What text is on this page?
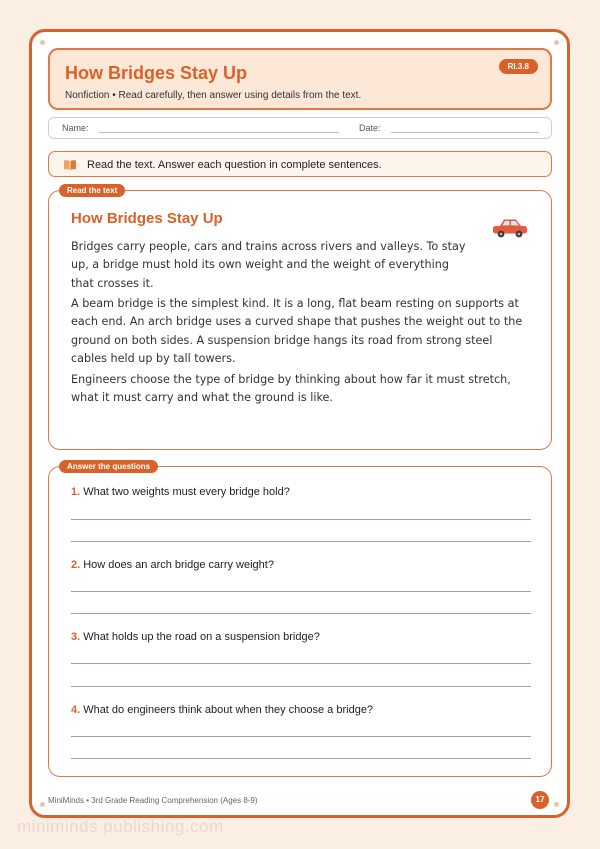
How Bridges Stay Up
Nonfiction • Read carefully, then answer using details from the text.
RI.3.8
Name:	Date:
Read the text. Answer each question in complete sentences.
Read the text
How Bridges Stay Up

Bridges carry people, cars and trains across rivers and valleys. To stay up, a bridge must hold its own weight and the weight of everything that crosses it.

A beam bridge is the simplest kind. It is a long, flat beam resting on supports at each end. An arch bridge uses a curved shape that pushes the weight out to the ground on both sides. A suspension bridge hangs its road from strong steel cables held up by tall towers.

Engineers choose the type of bridge by thinking about how far it must stretch, what it must carry and what the ground is like.

Answer the questions
1. What two weights must every bridge hold?
2. How does an arch bridge carry weight?
3. What holds up the road on a suspension bridge?
4. What do engineers think about when they choose a bridge?
MiniMinds • 3rd Grade Reading Comprehension (Ages 8-9)	17
miniminds publishing.com
